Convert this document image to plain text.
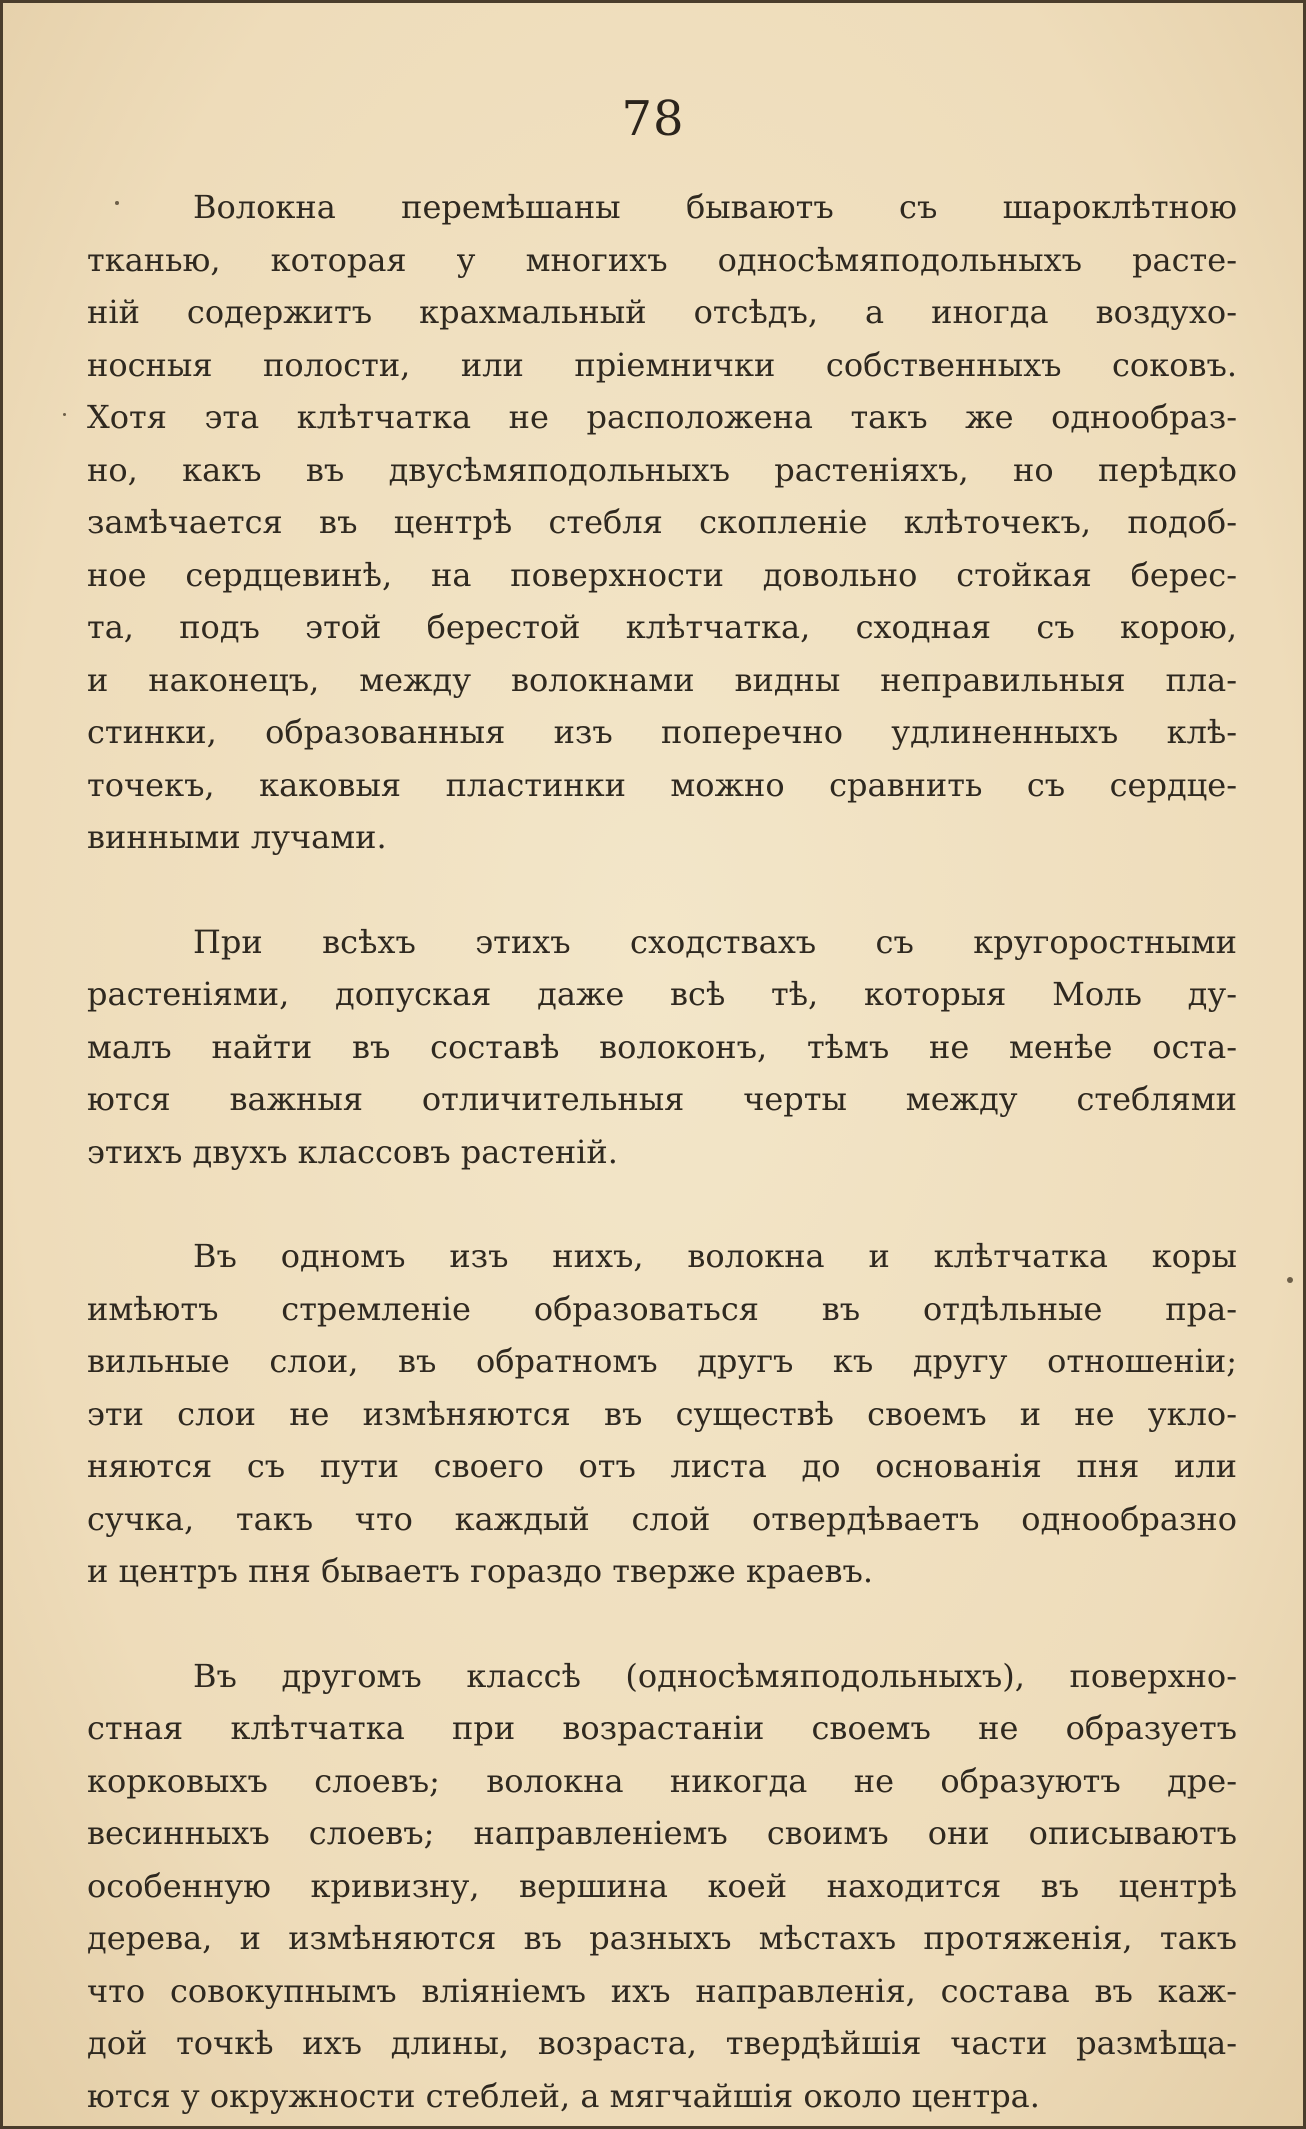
78
Волокна перемѣшаны бываютъ съ шароклѣтною
тканью, которая у многихъ односѣмяподольныхъ расте-
ній содержитъ крахмальный отсѣдъ, а иногда воздухо-
носныя полости, или пріемнички собственныхъ соковъ.
Хотя эта клѣтчатка не расположена такъ же однообраз-
но, какъ въ двусѣмяподольныхъ растеніяхъ, но перѣдко
замѣчается въ центрѣ стебля скопленіе клѣточекъ, подоб-
ное сердцевинѣ, на поверхности довольно стойкая берес-
та, подъ этой берестой клѣтчатка, сходная съ корою,
и наконецъ, между волокнами видны неправильныя пла-
стинки, образованныя изъ поперечно удлиненныхъ клѣ-
точекъ, каковыя пластинки можно сравнить съ сердце-
винными лучами.
При всѣхъ этихъ сходствахъ съ кругоростными
растеніями, допуская даже всѣ тѣ, которыя Моль ду-
малъ найти въ составѣ волоконъ, тѣмъ не менѣе оста-
ются важныя отличительныя черты между стеблями
этихъ двухъ классовъ растеній.
Въ одномъ изъ нихъ, волокна и клѣтчатка коры
имѣютъ стремленіе образоваться въ отдѣльные пра-
вильные слои, въ обратномъ другъ къ другу отношеніи;
эти слои не измѣняются въ существѣ своемъ и не укло-
няются съ пути своего отъ листа до основанія пня или
сучка, такъ что каждый слой отвердѣваетъ однообразно
и центръ пня бываетъ гораздо тверже краевъ.
Въ другомъ классѣ (односѣмяподольныхъ), поверхно-
стная клѣтчатка при возрастаніи своемъ не образуетъ
корковыхъ слоевъ; волокна никогда не образуютъ дре-
весинныхъ слоевъ; направленіемъ своимъ они описываютъ
особенную кривизну, вершина коей находится въ центрѣ
дерева, и измѣняются въ разныхъ мѣстахъ протяженія, такъ
что совокупнымъ вліяніемъ ихъ направленія, состава въ каж-
дой точкѣ ихъ длины, возраста, твердѣйшія части размѣща-
ются у окружности стеблей, а мягчайшія около центра.
